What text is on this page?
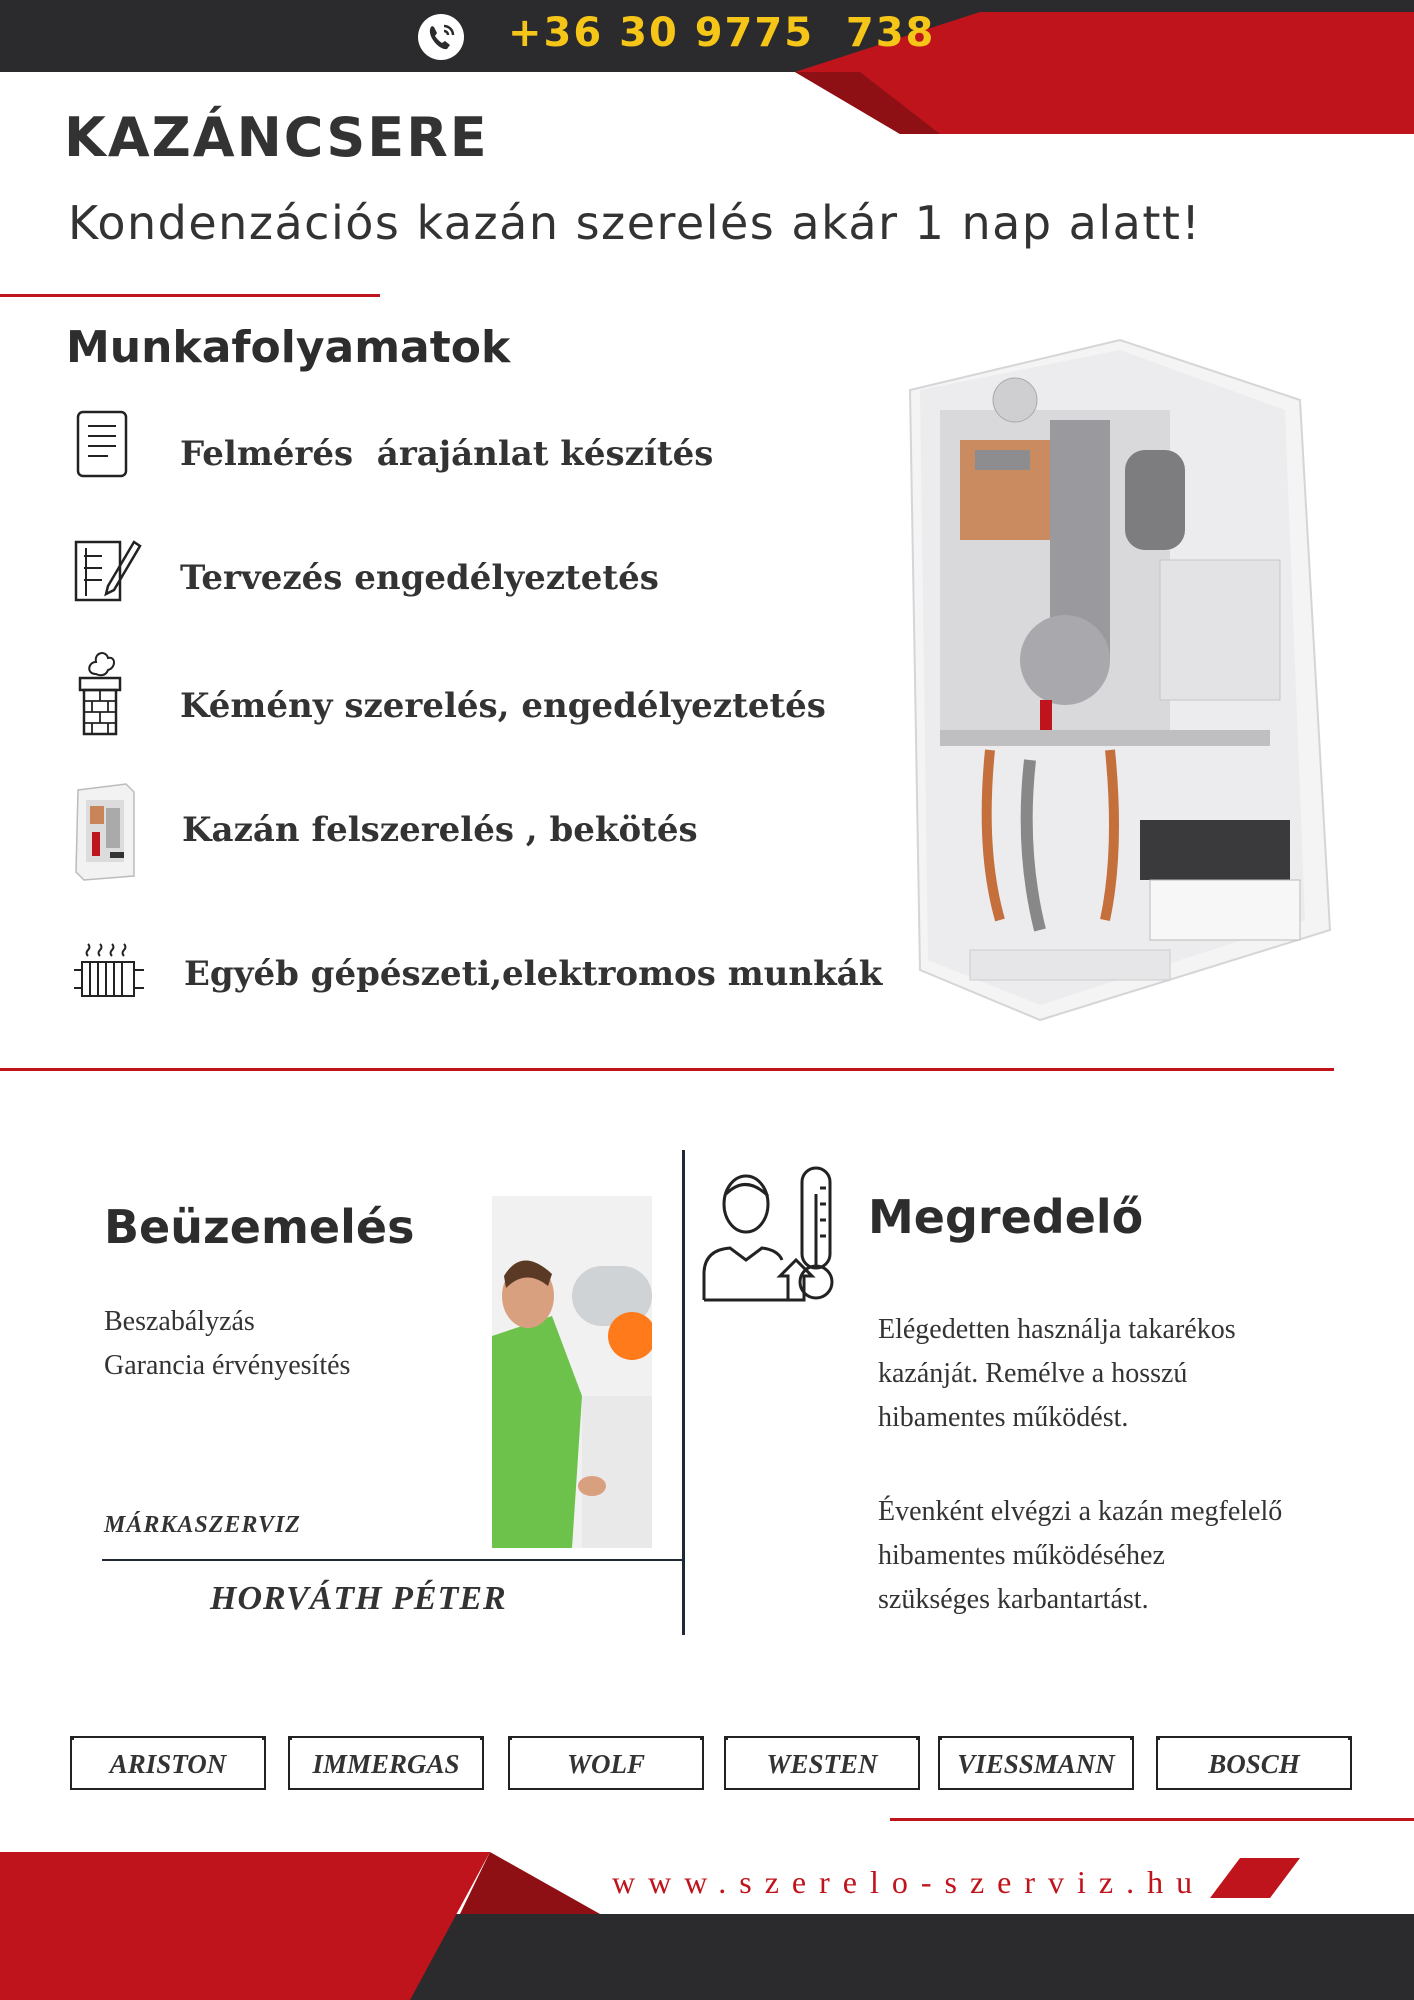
+36 30 9775  738
KAZÁNCSERE
Kondenzációs kazán szerelés akár 1 nap alatt!
Munkafolyamatok
Felmérés  árajánlat készítés
Tervezés engedélyeztetés
Kémény szerelés, engedélyeztetés
Kazán felszerelés , bekötés
Egyéb gépészeti,elektromos munkák
Beüzemelés
Beszabályzás
Garancia érvényesítés
MÁRKASZERVIZ
HORVÁTH PÉTER
Megredelő
Elégedetten használja takarékos
kazánját. Remélve a hosszú
hibamentes működést.
Évenként elvégzi a kazán megfelelő
hibamentes működéséhez
szükséges karbantartást.
ARISTON	IMMERGAS	WOLF	WESTEN	VIESSMANN	BOSCH
www.szerelo-szerviz.hu
